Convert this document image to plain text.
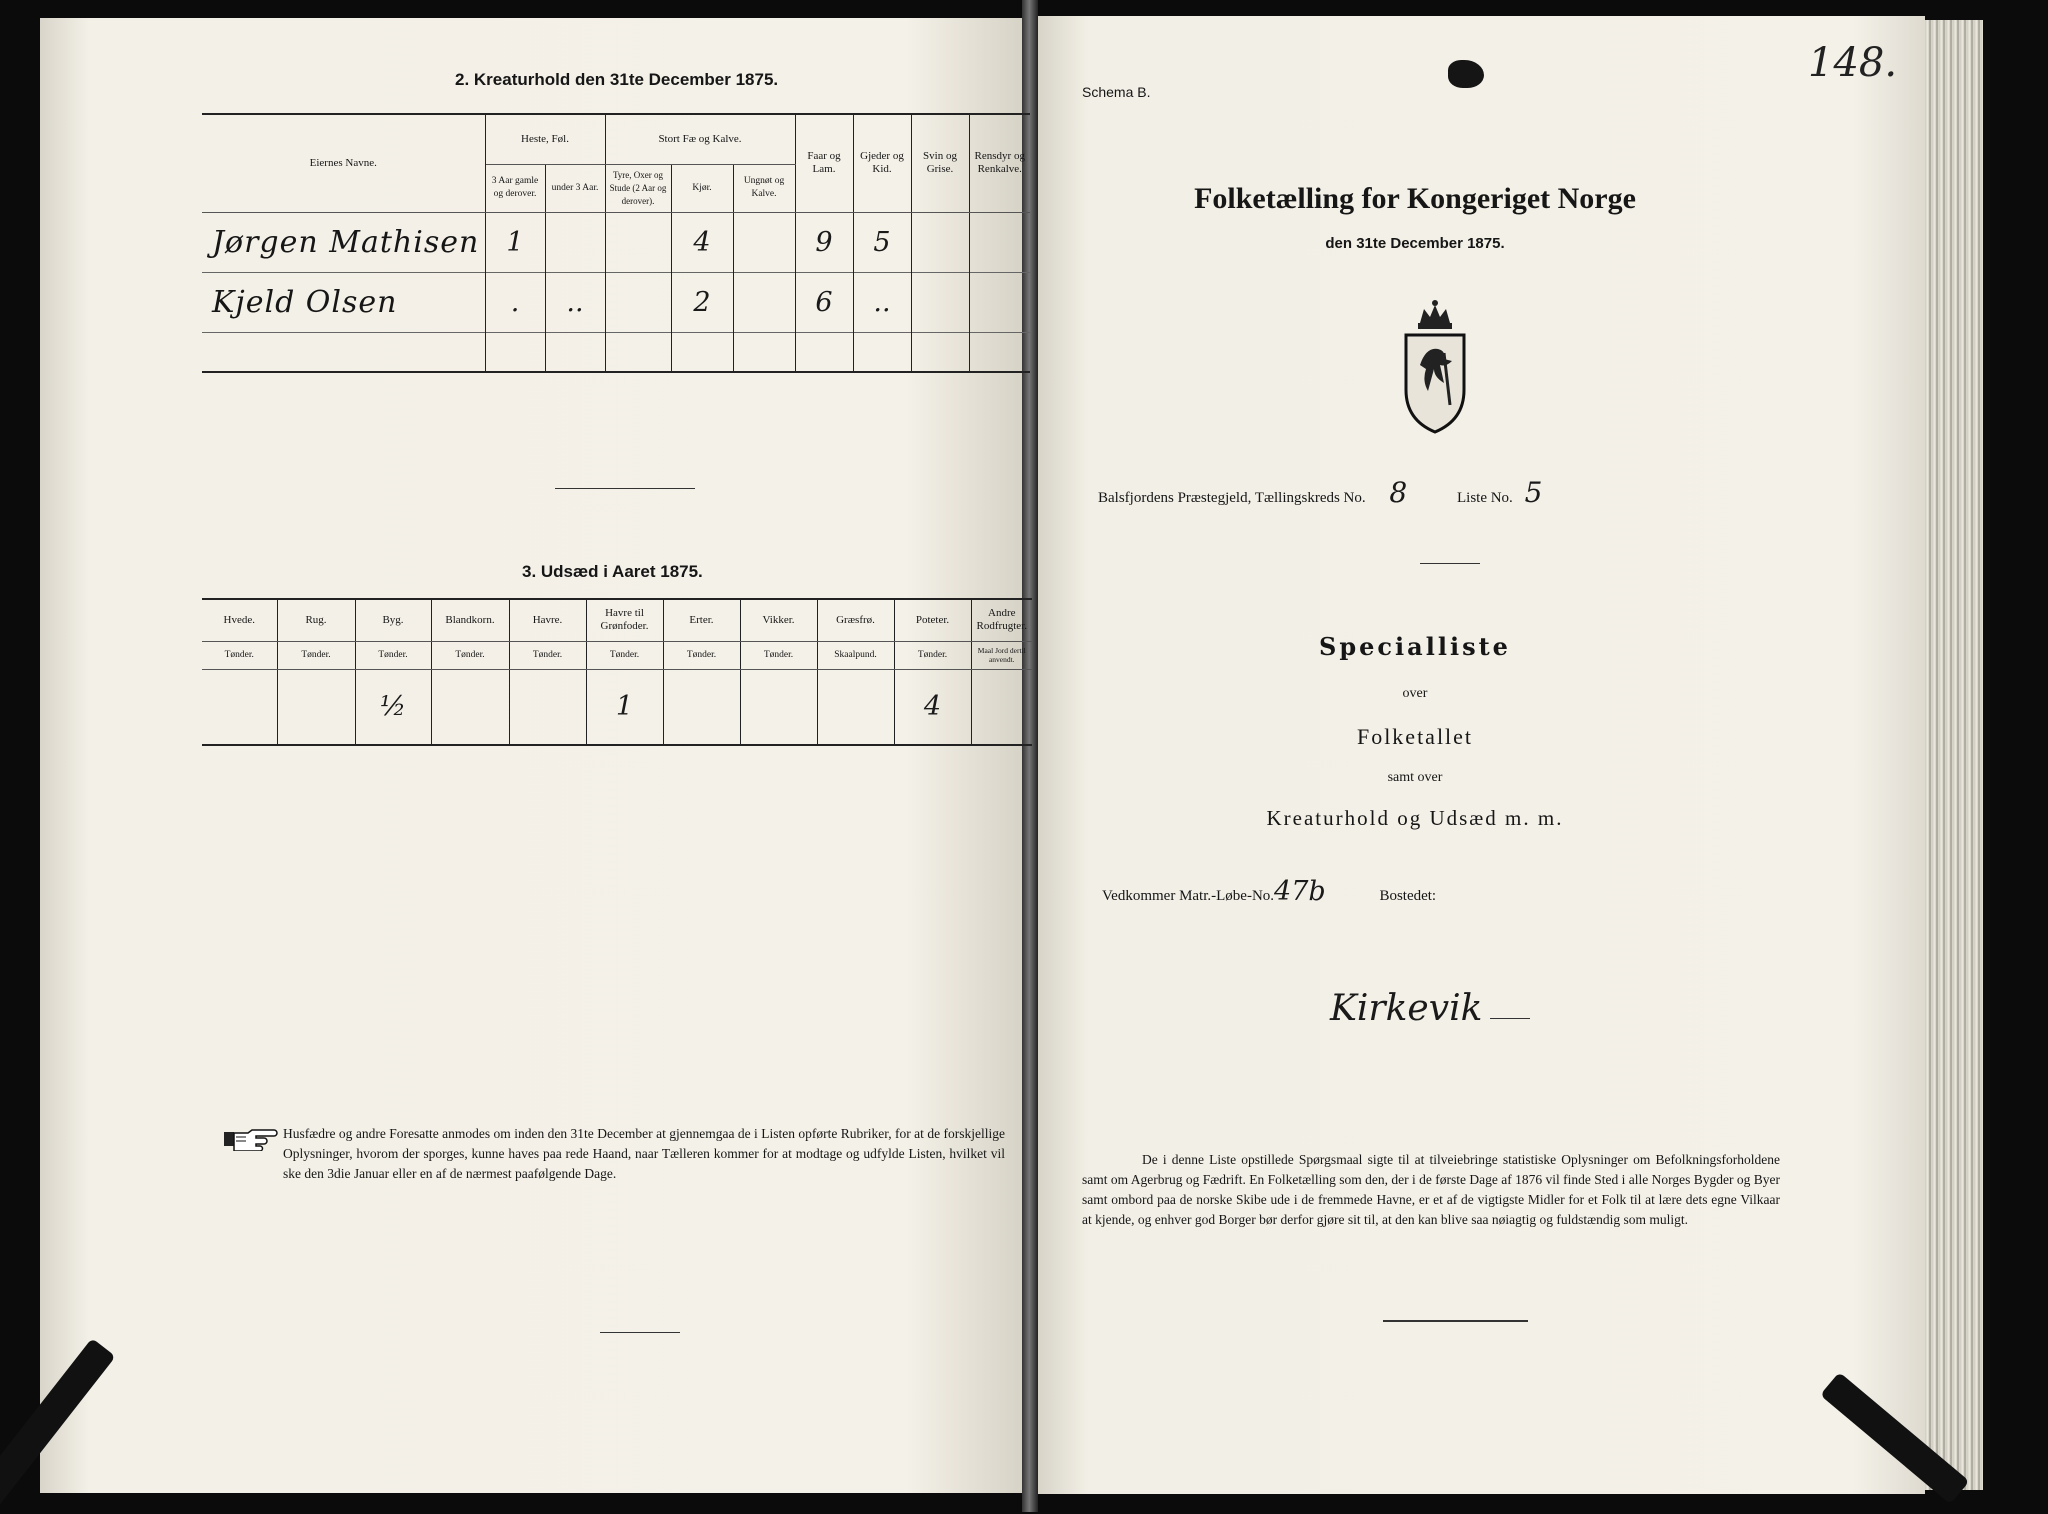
2. Kreaturhold den 31te December 1875.
Eiernes Navne.	Heste, Føl.		Stort Fæ og Kalve.			Faar og Lam.	Gjeder og Kid.	Svin og Grise.	Rensdyr og Renkalve.
	3 Aar gamle og derover.	under 3 Aar.	Tyre, Oxer og Stude (2 Aar og derover).	Kjør.	Ungnøt og Kalve.				
Jørgen Mathisen	1			4		9	5		
Kjeld Olsen	.	..		2		6	..		

3. Udsæd i Aaret 1875.
Hvede.	Rug.	Byg.	Blandkorn.	Havre.	Havre til Grønfoder.	Erter.	Vikker.	Græsfrø.	Poteter.	Andre Rodfrugter.
Tønder.	Tønder.	Tønder.	Tønder.	Tønder.	Tønder.	Tønder.	Tønder.	Skaalpund.	Tønder.	Maal Jord dertil anvendt.
		½			1				4	
Husfædre og andre Foresatte anmodes om inden den 31te December at gjennemgaa de i Listen opførte Rubriker, for at de forskjellige Oplysninger, hvorom der sporges, kunne haves paa rede Haand, naar Tælleren kommer for at modtage og udfylde Listen, hvilket vil ske den 3die Januar eller en af de nærmest paafølgende Dage.
Schema B.
148.
Folketælling for Kongeriget Norge
den 31te December 1875.
Balsfjordens Præstegjeld, Tællingskreds No. 8	Liste No. 5
Specialliste
over
Folketallet
samt over
Kreaturhold og Udsæd m. m.
Vedkommer Matr.-Løbe-No.47b	Bostedet:
Kirkevik
De i denne Liste opstillede Spørgsmaal sigte til at tilveiebringe statistiske Oplysninger om Befolkningsforholdene samt om Agerbrug og Fædrift. En Folketælling som den, der i de første Dage af 1876 vil finde Sted i alle Norges Bygder og Byer samt ombord paa de norske Skibe ude i de fremmede Havne, er et af de vigtigste Midler for et Folk til at lære dets egne Vilkaar at kjende, og enhver god Borger bør derfor gjøre sit til, at den kan blive saa nøiagtig og fuldstændig som muligt.
